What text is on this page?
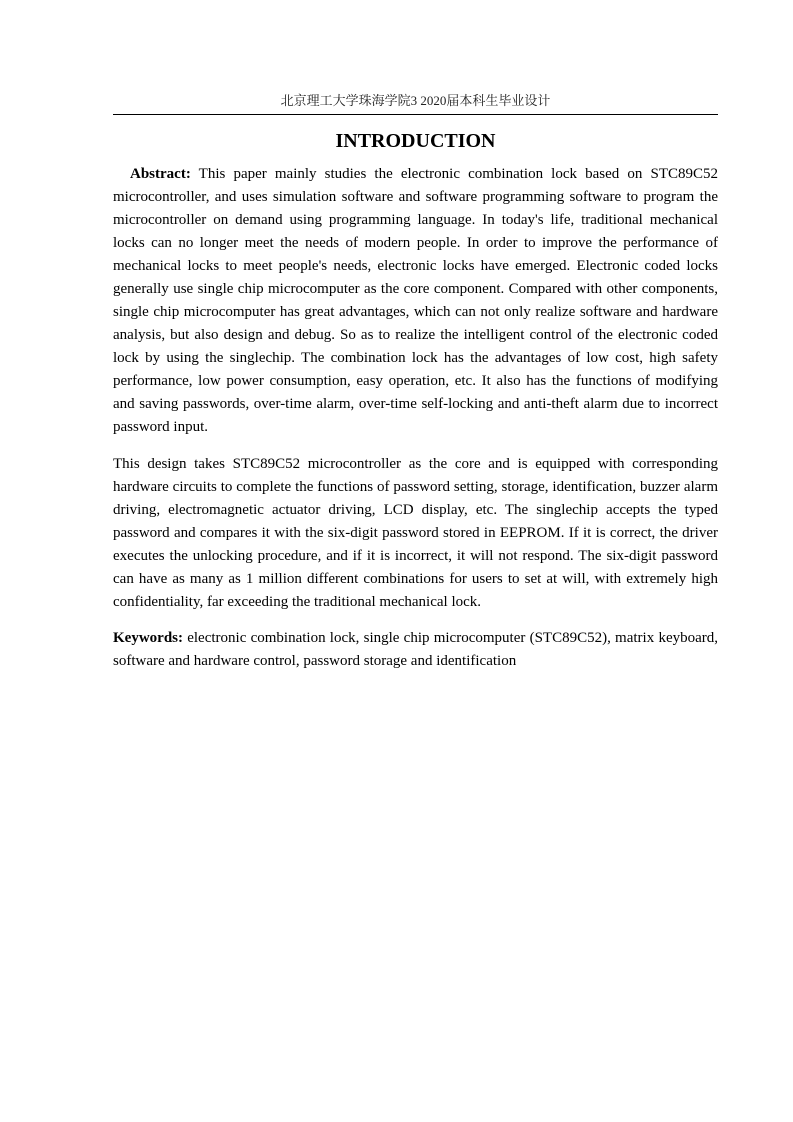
北京理工大学珠海学院3 2020届本科生毕业设计
INTRODUCTION

Abstract: This paper mainly studies the electronic combination lock based on STC89C52 microcontroller, and uses simulation software and software programming software to program the microcontroller on demand using programming language. In today's life, traditional mechanical locks can no longer meet the needs of modern people. In order to improve the performance of mechanical locks to meet people's needs, electronic locks have emerged. Electronic coded locks generally use single chip microcomputer as the core component. Compared with other components, single chip microcomputer has great advantages, which can not only realize software and hardware analysis, but also design and debug. So as to realize the intelligent control of the electronic coded lock by using the singlechip. The combination lock has the advantages of low cost, high safety performance, low power consumption, easy operation, etc. It also has the functions of modifying and saving passwords, over-time alarm, over-time self-locking and anti-theft alarm due to incorrect password input.

This design takes STC89C52 microcontroller as the core and is equipped with corresponding hardware circuits to complete the functions of password setting, storage, identification, buzzer alarm driving, electromagnetic actuator driving, LCD display, etc. The singlechip accepts the typed password and compares it with the six-digit password stored in EEPROM. If it is correct, the driver executes the unlocking procedure, and if it is incorrect, it will not respond. The six-digit password can have as many as 1 million different combinations for users to set at will, with extremely high confidentiality, far exceeding the traditional mechanical lock.

Keywords: electronic combination lock, single chip microcomputer (STC89C52), matrix keyboard, software and hardware control, password storage and identification
